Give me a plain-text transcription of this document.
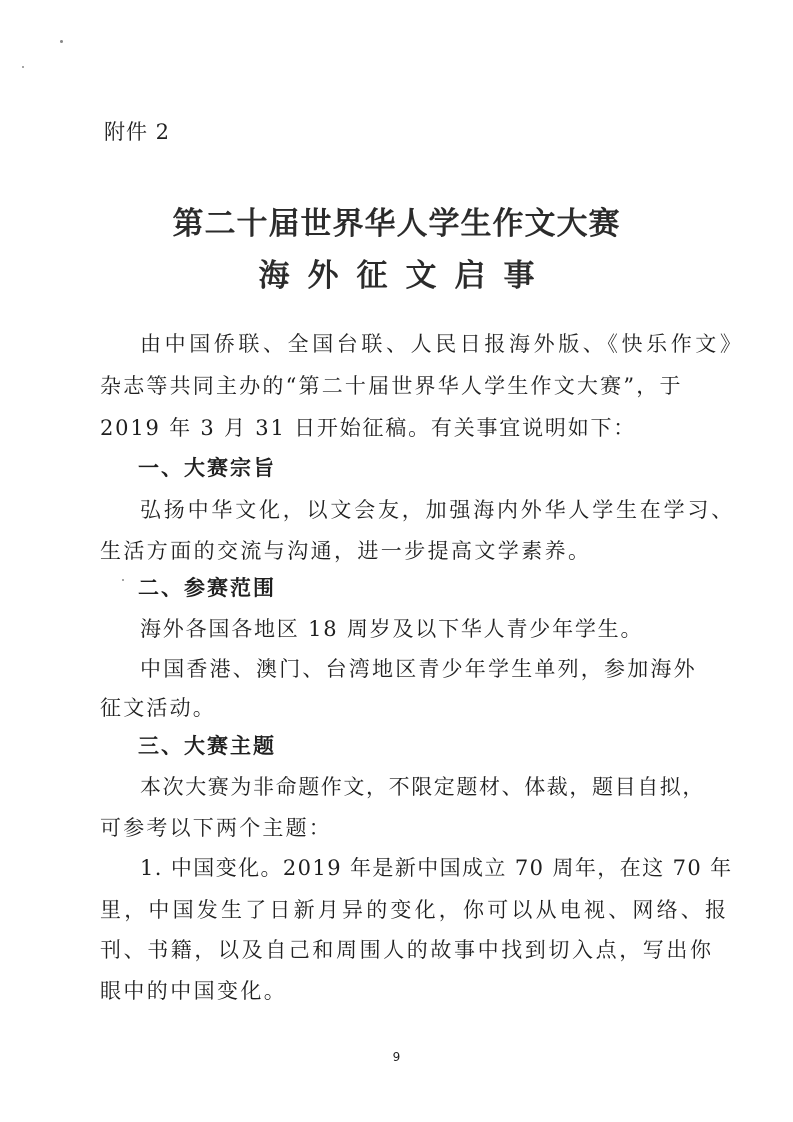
附件 2
第二十届世界华人学生作文大赛
海外征文启事
由中国侨联、全国台联、人民日报海外版、《快乐作文》
杂志等共同主办的“第二十届世界华人学生作文大赛”，于
2019 年 3 月 31 日开始征稿。有关事宜说明如下：
一、大赛宗旨
弘扬中华文化，以文会友，加强海内外华人学生在学习、
生活方面的交流与沟通，进一步提高文学素养。
二、参赛范围
海外各国各地区 18 周岁及以下华人青少年学生。
中国香港、澳门、台湾地区青少年学生单列，参加海外
征文活动。
三、大赛主题
本次大赛为非命题作文，不限定题材、体裁，题目自拟，
可参考以下两个主题：
1. 中国变化。2019 年是新中国成立 70 周年，在这 70 年
里，中国发生了日新月异的变化，你可以从电视、网络、报
刊、书籍，以及自己和周围人的故事中找到切入点，写出你
眼中的中国变化。
9
